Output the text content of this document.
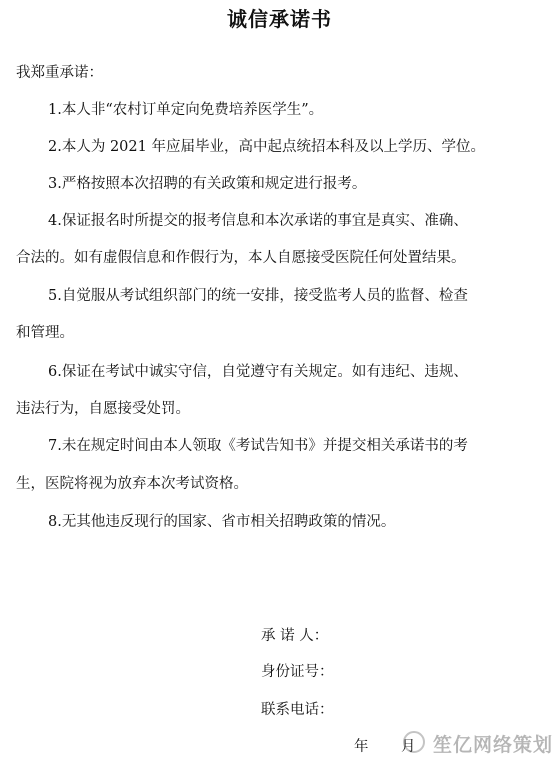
诚信承诺书
我郑重承诺：
1.本人非“农村订单定向免费培养医学生”。
2.本人为 2021 年应届毕业，高中起点统招本科及以上学历、学位。
3.严格按照本次招聘的有关政策和规定进行报考。
4.保证报名时所提交的报考信息和本次承诺的事宜是真实、准确、
合法的。如有虚假信息和作假行为，本人自愿接受医院任何处置结果。
5.自觉服从考试组织部门的统一安排，接受监考人员的监督、检查
和管理。
6.保证在考试中诚实守信，自觉遵守有关规定。如有违纪、违规、
违法行为，自愿接受处罚。
7.未在规定时间由本人领取《考试告知书》并提交相关承诺书的考
生，医院将视为放弃本次考试资格。
8.无其他违反现行的国家、省市相关招聘政策的情况。
承 诺 人：
身份证号：
联系电话：
年 月 笙亿网络策划
